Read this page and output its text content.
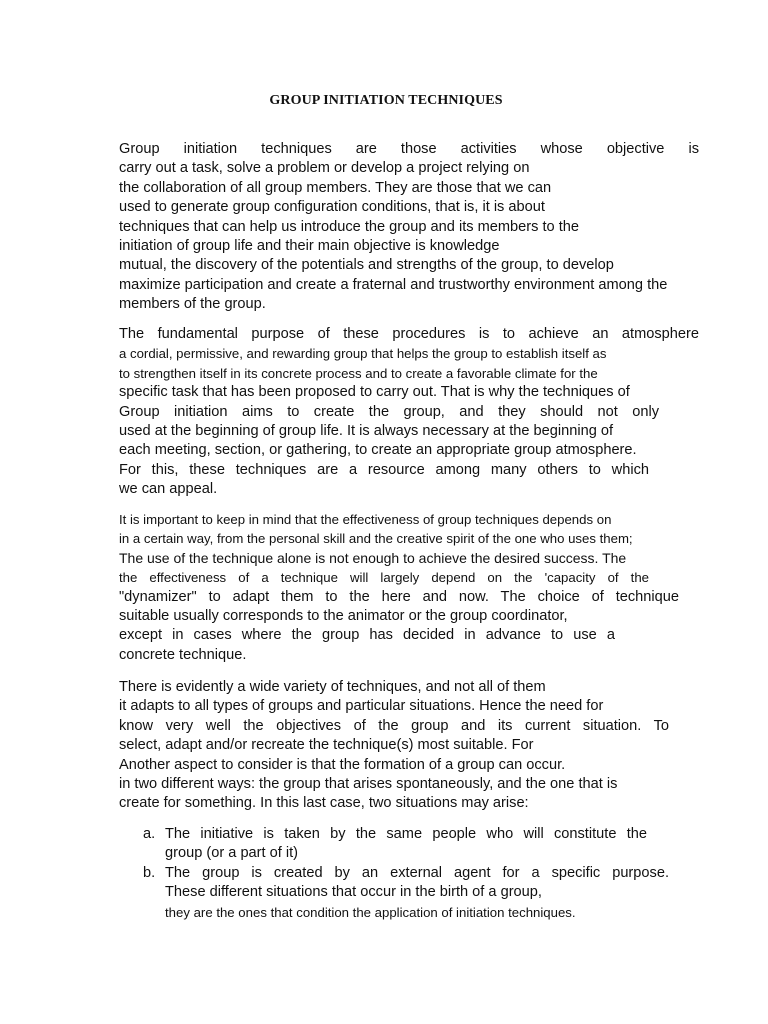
GROUP INITIATION TECHNIQUES
Group initiation techniques are those activities whose objective is
carry out a task, solve a problem or develop a project relying on
the collaboration of all group members. They are those that we can
used to generate group configuration conditions, that is, it is about
techniques that can help us introduce the group and its members to the
initiation of group life and their main objective is knowledge
mutual, the discovery of the potentials and strengths of the group, to develop
maximize participation and create a fraternal and trustworthy environment among the
members of the group.
The fundamental purpose of these procedures is to achieve an atmosphere
a cordial, permissive, and rewarding group that helps the group to establish itself as
to strengthen itself in its concrete process and to create a favorable climate for the
specific task that has been proposed to carry out. That is why the techniques of
Group initiation aims to create the group, and they should not only
used at the beginning of group life. It is always necessary at the beginning of
each meeting, section, or gathering, to create an appropriate group atmosphere.
For this, these techniques are a resource among many others to which
we can appeal.
It is important to keep in mind that the effectiveness of group techniques depends on
in a certain way, from the personal skill and the creative spirit of the one who uses them;
The use of the technique alone is not enough to achieve the desired success. The
the effectiveness of a technique will largely depend on the 'capacity of the
"dynamizer" to adapt them to the here and now. The choice of technique
suitable usually corresponds to the animator or the group coordinator,
except in cases where the group has decided in advance to use a
concrete technique.
There is evidently a wide variety of techniques, and not all of them
it adapts to all types of groups and particular situations. Hence the need for
know very well the objectives of the group and its current situation. To
select, adapt and/or recreate the technique(s) most suitable. For
Another aspect to consider is that the formation of a group can occur.
in two different ways: the group that arises spontaneously, and the one that is
create for something. In this last case, two situations may arise:
a. The initiative is taken by the same people who will constitute the
group (or a part of it)
b. The group is created by an external agent for a specific purpose.
These different situations that occur in the birth of a group,
they are the ones that condition the application of initiation techniques.
